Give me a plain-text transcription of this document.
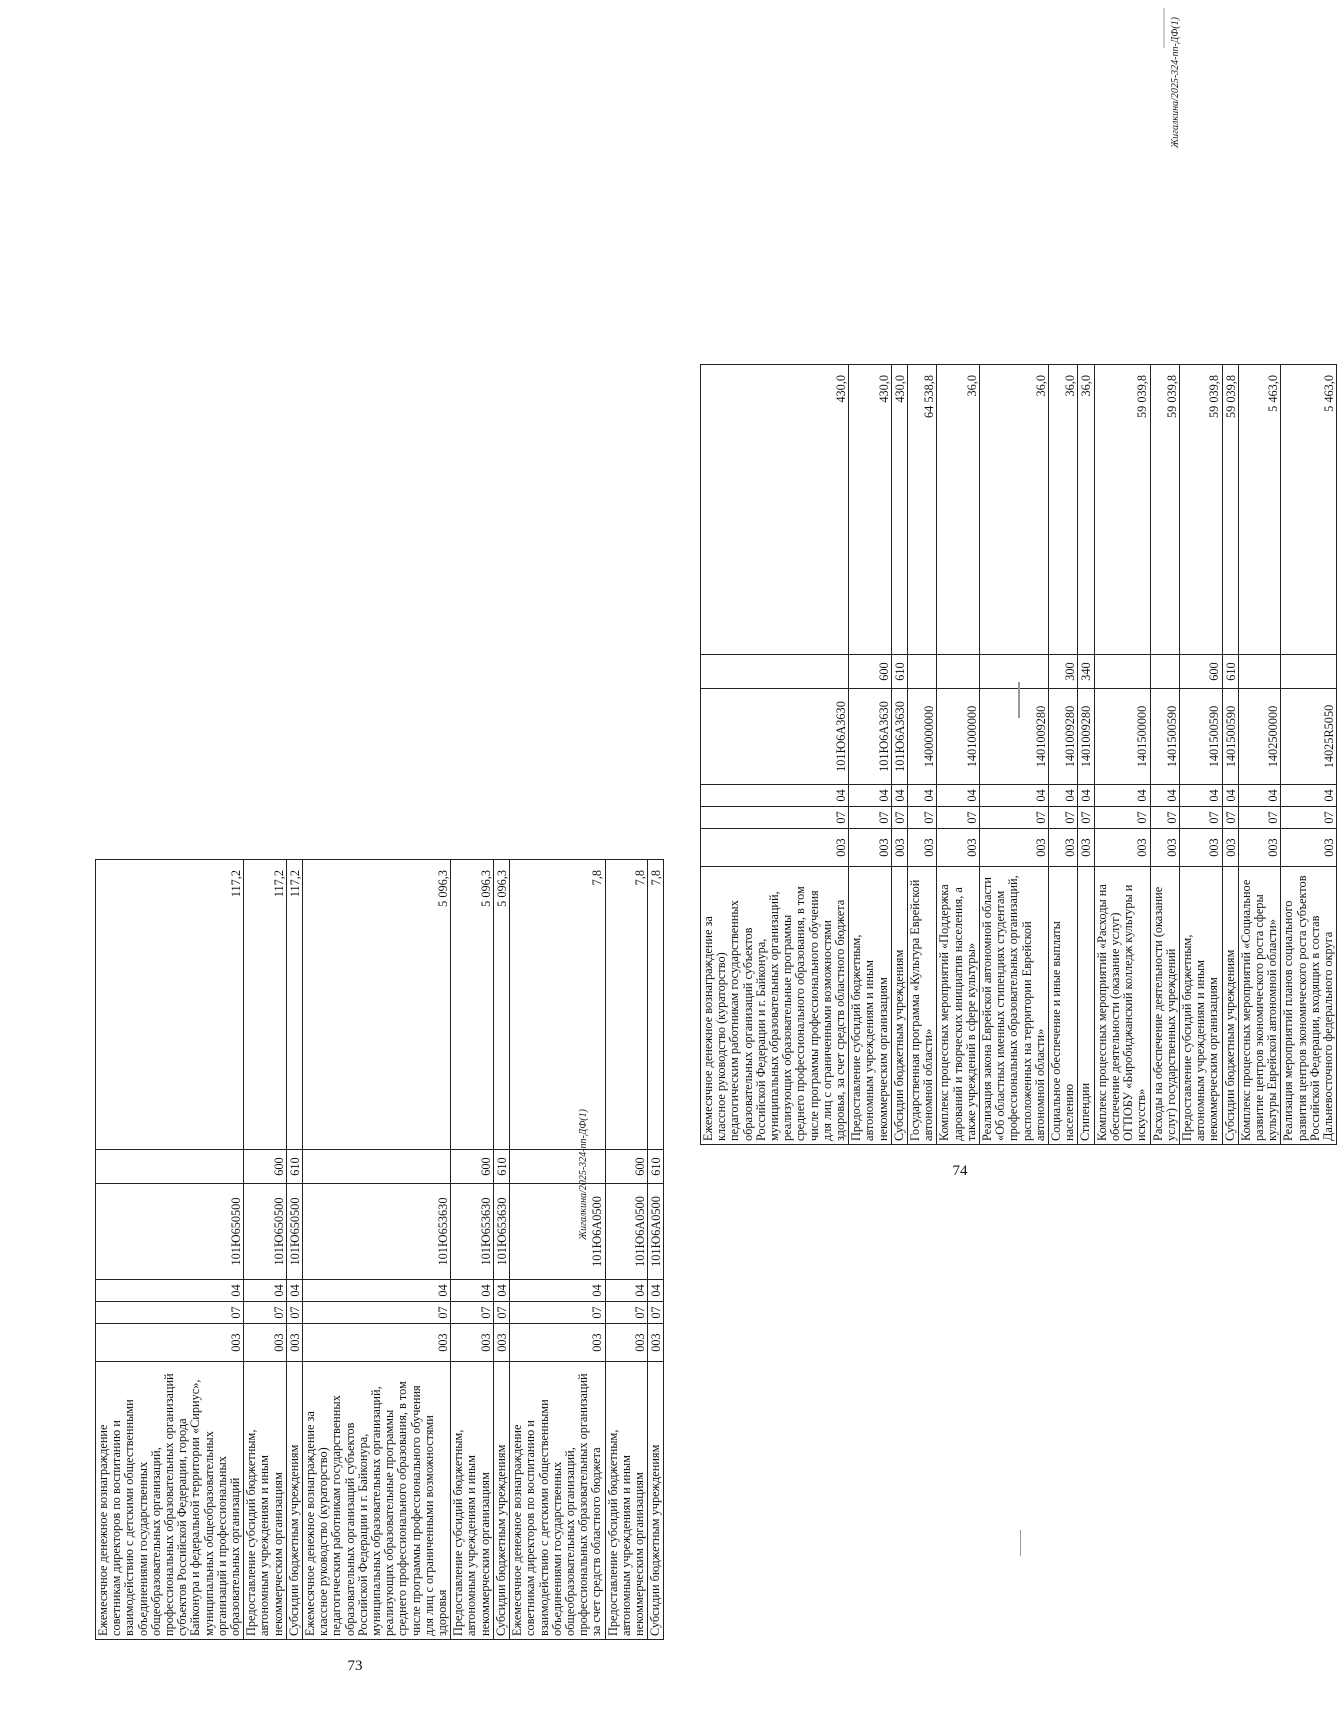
73
Ежемесячное денежное вознаграждение советникам директоров по воспитанию и взаимодействию с детскими общественными объединениями государственных общеобразовательных организаций, профессиональных образовательных организаций субъектов Российской Федерации, города Байконура и федеральной территории «Сириус», муниципальных общеобразовательных организаций и профессиональных образовательных организаций	003	07	04	101Ю650500		117,2
Предоставление субсидий бюджетным, автономным учреждениям и иным некоммерческим организациям	003	07	04	101Ю650500	600	117,2
Субсидии бюджетным учреждениям	003	07	04	101Ю650500	610	117,2
Ежемесячное денежное вознаграждение за классное руководство (кураторство) педагогическим работникам государственных образовательных организаций субъектов Российской Федерации и г. Байконура, муниципальных образовательных организаций, реализующих образовательные программы среднего профессионального образования, в том числе программы профессионального обучения для лиц с ограниченными возможностями здоровья	003	07	04	101Ю653630		5 096,3
Предоставление субсидий бюджетным, автономным учреждениям и иным некоммерческим организациям	003	07	04	101Ю653630	600	5 096,3
Субсидии бюджетным учреждениям	003	07	04	101Ю653630	610	5 096,3
Ежемесячное денежное вознаграждение советникам директоров по воспитанию и взаимодействию с детскими общественными объединениями государственных общеобразовательных организаций, профессиональных образовательных организаций за счет средств областного бюджета	003	07	04	101Ю6А0500		7,8
Предоставление субсидий бюджетным, автономным учреждениям и иным некоммерческим организациям	003	07	04	101Ю6А0500	600	7,8
Субсидии бюджетным учреждениям	003	07	04	101Ю6А0500	610	7,8
74
Ежемесячное денежное вознаграждение за классное руководство (кураторство) педагогическим работникам государственных образовательных организаций субъектов Российской Федерации и г. Байконура, муниципальных образовательных организаций, реализующих образовательные программы среднего профессионального образования, в том числе программы профессионального обучения для лиц с ограниченными возможностями здоровья, за счет средств областного бюджета	003	07	04	101Ю6А3630		430,0
Предоставление субсидий бюджетным, автономным учреждениям и иным некоммерческим организациям	003	07	04	101Ю6А3630	600	430,0
Субсидии бюджетным учреждениям	003	07	04	101Ю6А3630	610	430,0
Государственная программа «Культура Еврейской автономной области»	003	07	04	1400000000		64 538,8
Комплекс процессных мероприятий «Поддержка дарований и творческих инициатив населения, а также учреждений в сфере культуры»	003	07	04	1401000000		36,0
Реализация закона Еврейской автономной области «Об областных именных стипендиях студентам профессиональных образовательных организаций, расположенных на территории Еврейской автономной области»	003	07	04	1401009280		36,0
Социальное обеспечение и иные выплаты населению	003	07	04	1401009280	300	36,0
Стипендии	003	07	04	1401009280	340	36,0
Комплекс процессных мероприятий «Расходы на обеспечение деятельности (оказание услуг) ОГПОБУ «Биробиджанский колледж культуры и искусств»	003	07	04	1401500000		59 039,8
Расходы на обеспечение деятельности (оказание услуг) государственных учреждений	003	07	04	1401500590		59 039,8
Предоставление субсидий бюджетным, автономным учреждениям и иным некоммерческим организациям	003	07	04	1401500590	600	59 039,8
Субсидии бюджетным учреждениям	003	07	04	1401500590	610	59 039,8
Комплекс процессных мероприятий «Социальное развитие центров экономического роста сферы культуры Еврейской автономной области»	003	07	04	1402500000		5 463,0
Реализация мероприятий планов социального развития центров экономического роста субъектов Российской Федерации, входящих в состав Дальневосточного федерального округа	003	07	04	14025R5050		5 463,0
Жигалкина/2025-324-пп-ДФ(1)
Жигалкина/2025-324-пп-ДФ(1)
